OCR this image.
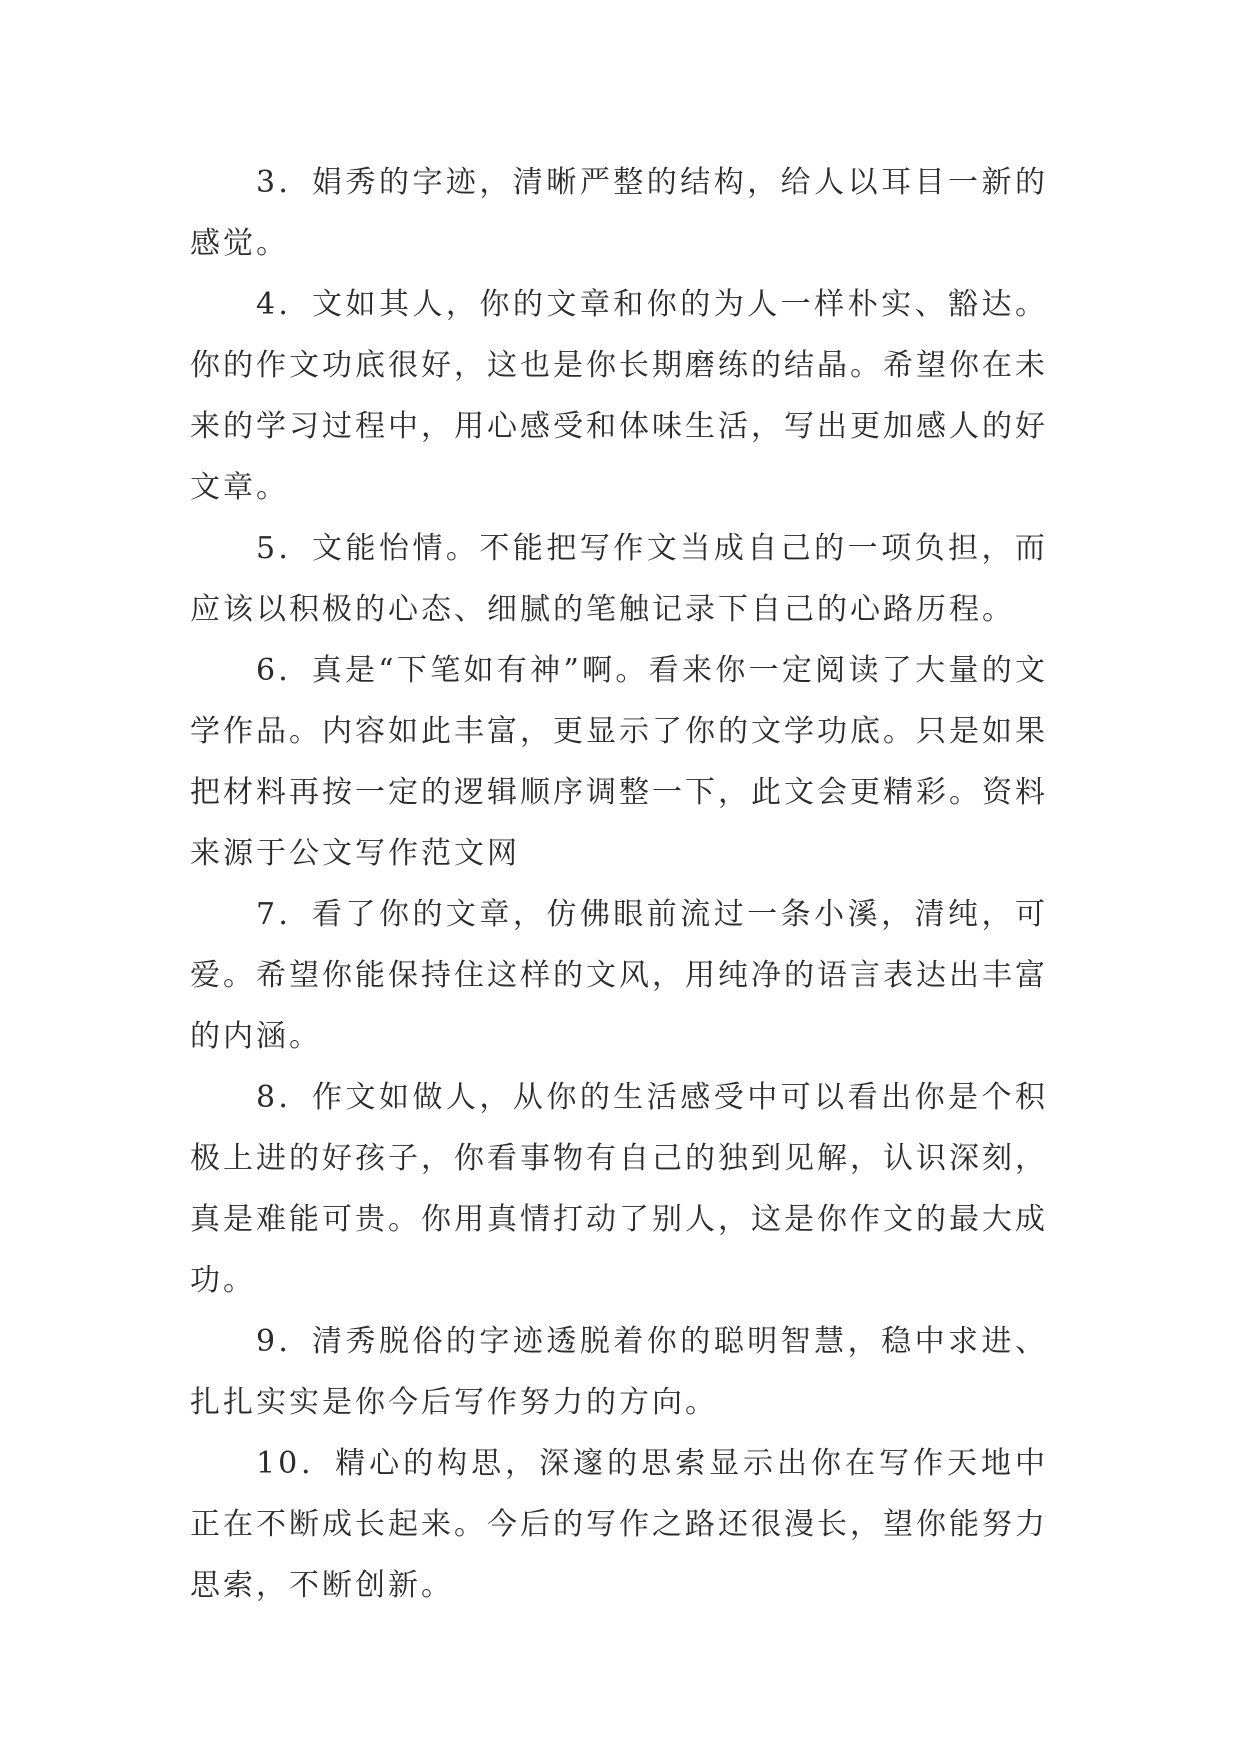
3．娟秀的字迹，清晰严整的结构，给人以耳目一新的感觉。

4．文如其人，你的文章和你的为人一样朴实、豁达。你的作文功底很好，这也是你长期磨练的结晶。希望你在未来的学习过程中，用心感受和体味生活，写出更加感人的好文章。

5．文能怡情。不能把写作文当成自己的一项负担，而应该以积极的心态、细腻的笔触记录下自己的心路历程。

6．真是“下笔如有神”啊。看来你一定阅读了大量的文学作品。内容如此丰富，更显示了你的文学功底。只是如果把材料再按一定的逻辑顺序调整一下，此文会更精彩。资料来源于公文写作范文网

7．看了你的文章，仿佛眼前流过一条小溪，清纯，可爱。希望你能保持住这样的文风，用纯净的语言表达出丰富的内涵。

8．作文如做人，从你的生活感受中可以看出你是个积极上进的好孩子，你看事物有自己的独到见解，认识深刻，真是难能可贵。你用真情打动了别人，这是你作文的最大成功。

9．清秀脱俗的字迹透脱着你的聪明智慧，稳中求进、扎扎实实是你今后写作努力的方向。

10．精心的构思，深邃的思索显示出你在写作天地中正在不断成长起来。今后的写作之路还很漫长，望你能努力思索，不断创新。
